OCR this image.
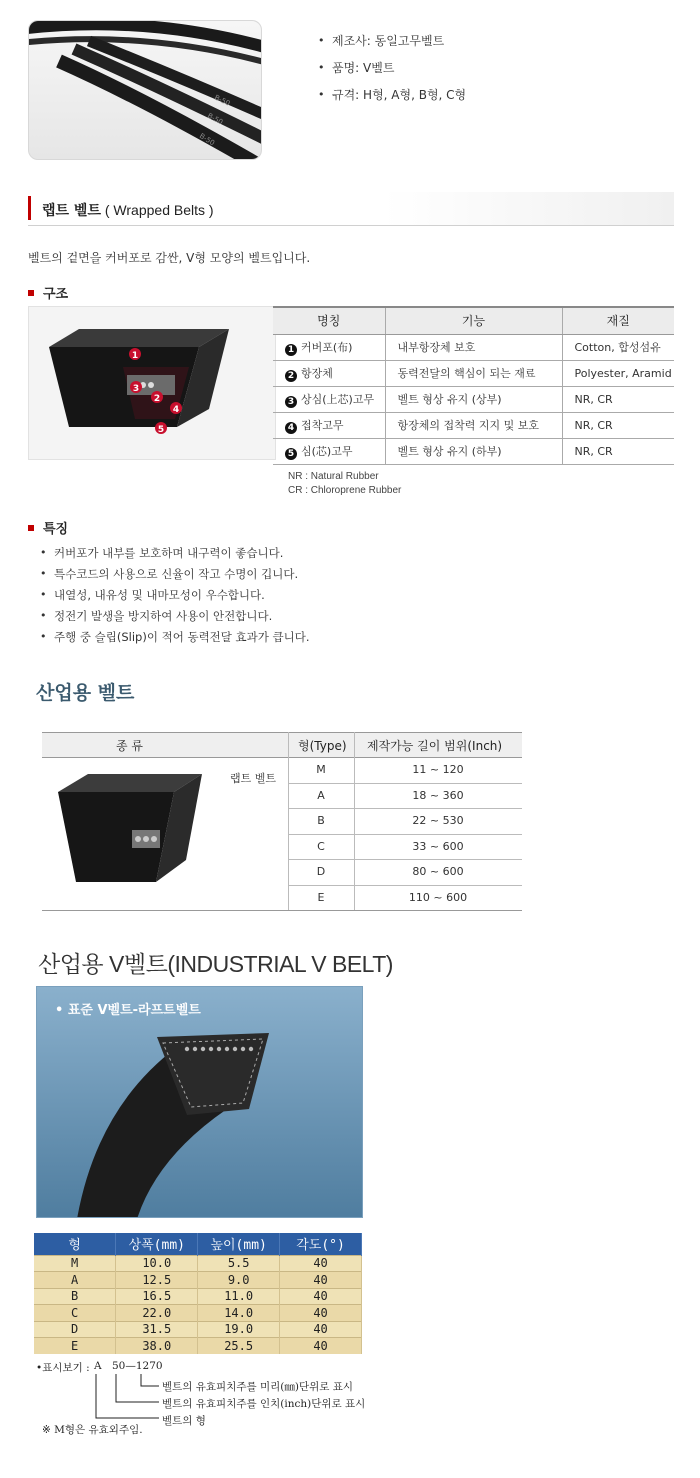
B-50
B-50
B-50
• 제조사: 동일고무벨트
• 품명: V벨트
• 규격: H형, A형, B형, C형
랩트 벨트 ( Wrapped Belts )
벨트의 겉면을 커버포로 감싼, V형 모양의 벨트입니다.
구조
1
2
3
4
5
명칭	기능	재질
1 커버포(布)	내부항장체 보호	Cotton, 합성섬유
2 항장체	동력전달의 핵심이 되는 재료	Polyester, Aramid
3 상심(上芯)고무	벨트 형상 유지 (상부)	NR, CR
4 접착고무	항장체의 접착력 지지 및 보호	NR, CR
5 심(芯)고무	벨트 형상 유지 (하부)	NR, CR
NR : Natural Rubber
CR : Chloroprene Rubber
특징
• 커버포가 내부를 보호하며 내구력이 좋습니다.
• 특수코드의 사용으로 신율이 작고 수명이 깁니다.
• 내열성, 내유성 및 내마모성이 우수합니다.
• 정전기 발생을 방지하여 사용이 안전합니다.
• 주행 중 슬립(Slip)이 적어 동력전달 효과가 큽니다.
산업용 벨트
종 류	형(Type) 제작가능 길이 범위(Inch)
랩트 벨트
M	11 ~ 120
A	18 ~ 360
B	22 ~ 530
C	33 ~ 600
D	80 ~ 600
E	110 ~ 600
산업용 V벨트(INDUSTRIAL V BELT)
• 표준 V벨트-라프트벨트
형	상폭(mm)	높이(mm)	각도(°)
M	10.0	5.5	40
A	12.5	9.0	40
B	16.5	11.0	40
C	22.0	14.0	40
D	31.5	19.0	40
E	38.0	25.5	40
•표시보기 : A 50—1270
벨트의 유효피치주를 미리(㎜)단위로 표시
벨트의 유효피치주를 인치(inch)단위로 표시
벨트의 형
※ M형은 유효외주임.
